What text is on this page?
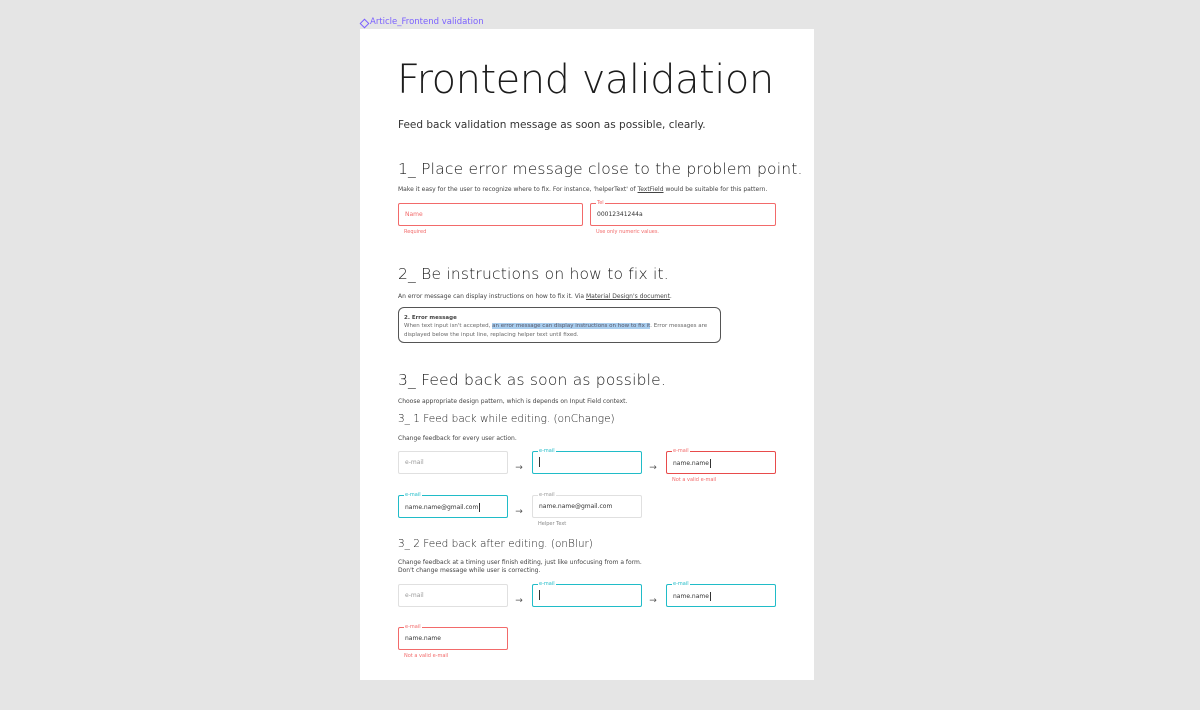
Article_Frontend validation
Frontend validation
Feed back validation message as soon as possible, clearly.
1_ Place error message close to the problem point.
Make it easy for the user to recognize where to fix. For instance, 'helperText' of TextField would be suitable for this pattern.
Name
Required
Tel
00012341244a
Use only numeric values.
2_ Be instructions on how to fix it.
An error message can display instructions on how to fix it. Via Material Design's document.
2. Error message
When text input isn't accepted, an error message can display instructions on how to fix it. Error messages are
displayed below the input line, replacing helper text until fixed.
3_ Feed back as soon as possible.
Choose appropriate design pattern, which is depends on Input Field context.
3_ 1 Feed back while editing. (onChange)
Change feedback for every user action.
e-mail
→
e-mail
→
e-mail
name.name
Not a valid e-mail
e-mail
name.name@gmail.com	→
e-mail
name.name@gmail.com
Helper Text
3_ 2 Feed back after editing. (onBlur)
Change feedback at a timing user finish editing, just like unfocusing from a form.
Don't change message while user is correcting.
e-mail
→
e-mail
→
e-mail
name.name
e-mail
name.name
Not a valid e-mail
